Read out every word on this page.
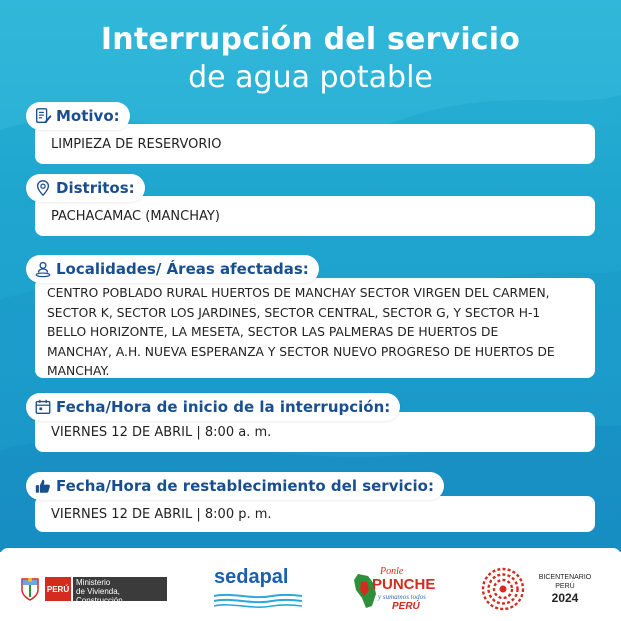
Interrupción del servicio
de agua potable
Motivo:
LIMPIEZA DE RESERVORIO
Distritos:
PACHACAMAC (MANCHAY)
Localidades/ Áreas afectadas:
CENTRO POBLADO RURAL HUERTOS DE MANCHAY SECTOR VIRGEN DEL CARMEN,
SECTOR K, SECTOR LOS JARDINES, SECTOR CENTRAL, SECTOR G, Y SECTOR H-1
BELLO HORIZONTE, LA MESETA, SECTOR LAS PALMERAS DE HUERTOS DE
MANCHAY, A.H. NUEVA ESPERANZA Y SECTOR NUEVO PROGRESO DE HUERTOS DE
MANCHAY.
Fecha/Hora de inicio de la interrupción:
VIERNES 12 DE ABRIL | 8:00 a. m.
Fecha/Hora de restablecimiento del servicio:
VIERNES 12 DE ABRIL | 8:00 p. m.
PERÚ
Ministerio
de Vivienda, Construcción
y Saneamiento
sedapal	Ponle
PUNCHE
y sumamos todos
PERÚ
BICENTENARIO
PERÚ
2024
